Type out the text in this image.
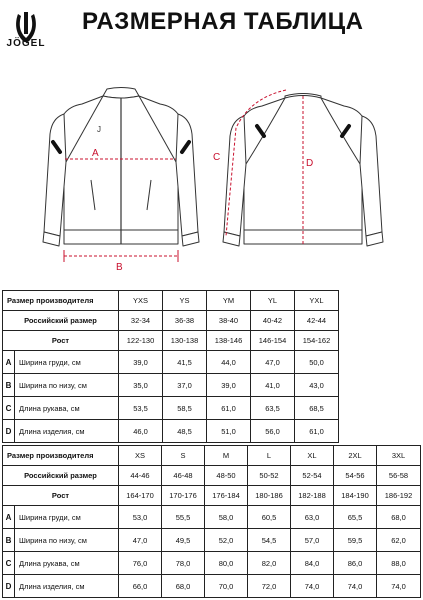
JÖGEL
РАЗМЕРНАЯ ТАБЛИЦА
J
A
B
C
D
Размер производителя		YXS	YS	YM	YL	YXL
Российский размер		32-34	36-38	38-40	40-42	42-44
Рост		122-130	130-138	138-146	146-154	154-162
A	Ширина груди, см	39,0	41,5	44,0	47,0	50,0
B	Ширина по низу, см	35,0	37,0	39,0	41,0	43,0
C	Длина рукава, см	53,5	58,5	61,0	63,5	68,5
D	Длина изделия, см	46,0	48,5	51,0	56,0	61,0
Размер производителя		XS	S	M	L	XL	2XL	3XL
Российский размер		44-46	46-48	48-50	50-52	52-54	54-56	56-58
Рост		164-170	170-176	176-184	180-186	182-188	184-190	186-192
A	Ширина груди, см	53,0	55,5	58,0	60,5	63,0	65,5	68,0
B	Ширина по низу, см	47,0	49,5	52,0	54,5	57,0	59,5	62,0
C	Длина рукава, см	76,0	78,0	80,0	82,0	84,0	86,0	88,0
D	Длина изделия, см	66,0	68,0	70,0	72,0	74,0	74,0	74,0
